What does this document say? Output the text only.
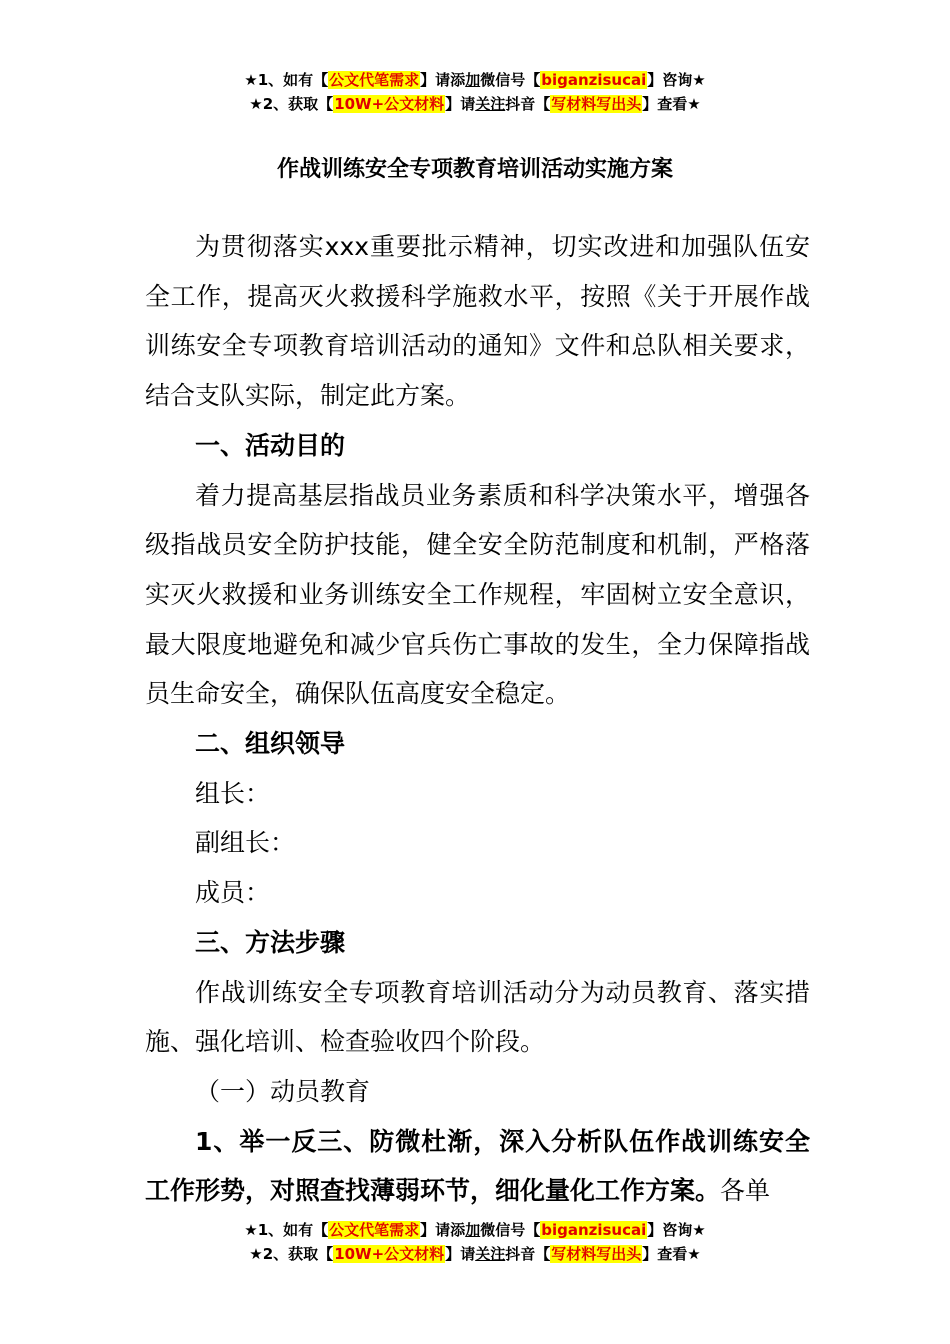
★1、如有【公文代笔需求】请添加微信号【biganzisucai】咨询★
★2、获取【10W+公文材料】请关注抖音【写材料写出头】查看★
作战训练安全专项教育培训活动实施方案

为贯彻落实xxx重要批示精神，切实改进和加强队伍安全工作，提高灭火救援科学施救水平，按照《关于开展作战训练安全专项教育培训活动的通知》文件和总队相关要求，结合支队实际，制定此方案。

一、活动目的

着力提高基层指战员业务素质和科学决策水平，增强各级指战员安全防护技能，健全安全防范制度和机制，严格落实灭火救援和业务训练安全工作规程，牢固树立安全意识，最大限度地避免和减少官兵伤亡事故的发生，全力保障指战员生命安全，确保队伍高度安全稳定。

二、组织领导

组长：

副组长：

成员：

三、方法步骤

作战训练安全专项教育培训活动分为动员教育、落实措施、强化培训、检查验收四个阶段。

（一）动员教育

1、举一反三、防微杜渐，深入分析队伍作战训练安全工作形势，对照查找薄弱环节，细化量化工作方案。各单

★1、如有【公文代笔需求】请添加微信号【biganzisucai】咨询★
★2、获取【10W+公文材料】请关注抖音【写材料写出头】查看★
